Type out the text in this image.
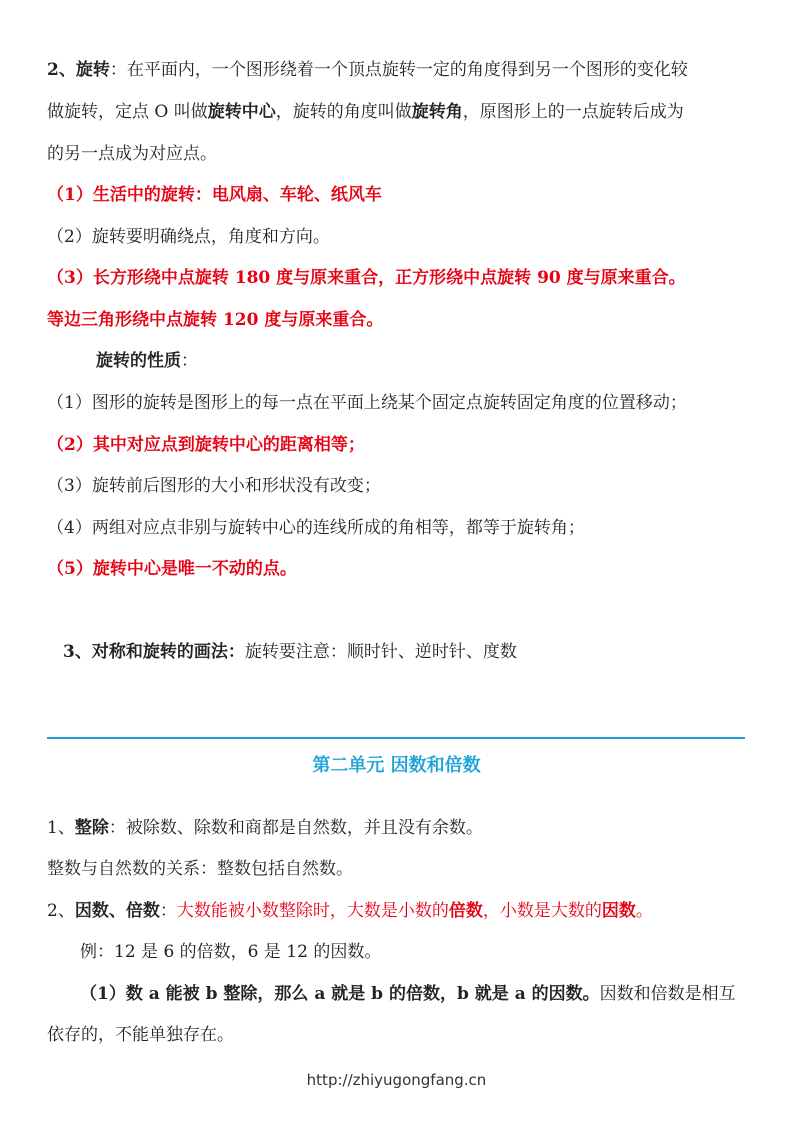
2、旋转：在平面内，一个图形绕着一个顶点旋转一定的角度得到另一个图形的变化较
做旋转，定点 O 叫做旋转中心，旋转的角度叫做旋转角，原图形上的一点旋转后成为
的另一点成为对应点。
（1）生活中的旋转：电风扇、车轮、纸风车
（2）旋转要明确绕点，角度和方向。
（3）长方形绕中点旋转 180 度与原来重合，正方形绕中点旋转 90 度与原来重合。
等边三角形绕中点旋转 120 度与原来重合。
旋转的性质：
（1）图形的旋转是图形上的每一点在平面上绕某个固定点旋转固定角度的位置移动；
（2）其中对应点到旋转中心的距离相等；
（3）旋转前后图形的大小和形状没有改变；
（4）两组对应点非别与旋转中心的连线所成的角相等，都等于旋转角；
（5）旋转中心是唯一不动的点。
3、对称和旋转的画法：旋转要注意：顺时针、逆时针、度数
第二单元 因数和倍数
1、整除：被除数、除数和商都是自然数，并且没有余数。
整数与自然数的关系：整数包括自然数。
2、因数、倍数：大数能被小数整除时，大数是小数的倍数，小数是大数的因数。
例：12 是 6 的倍数，6 是 12 的因数。
（1）数 a 能被 b 整除，那么 a 就是 b 的倍数，b 就是 a 的因数。因数和倍数是相互
依存的，不能单独存在。
http://zhiyugongfang.cn
